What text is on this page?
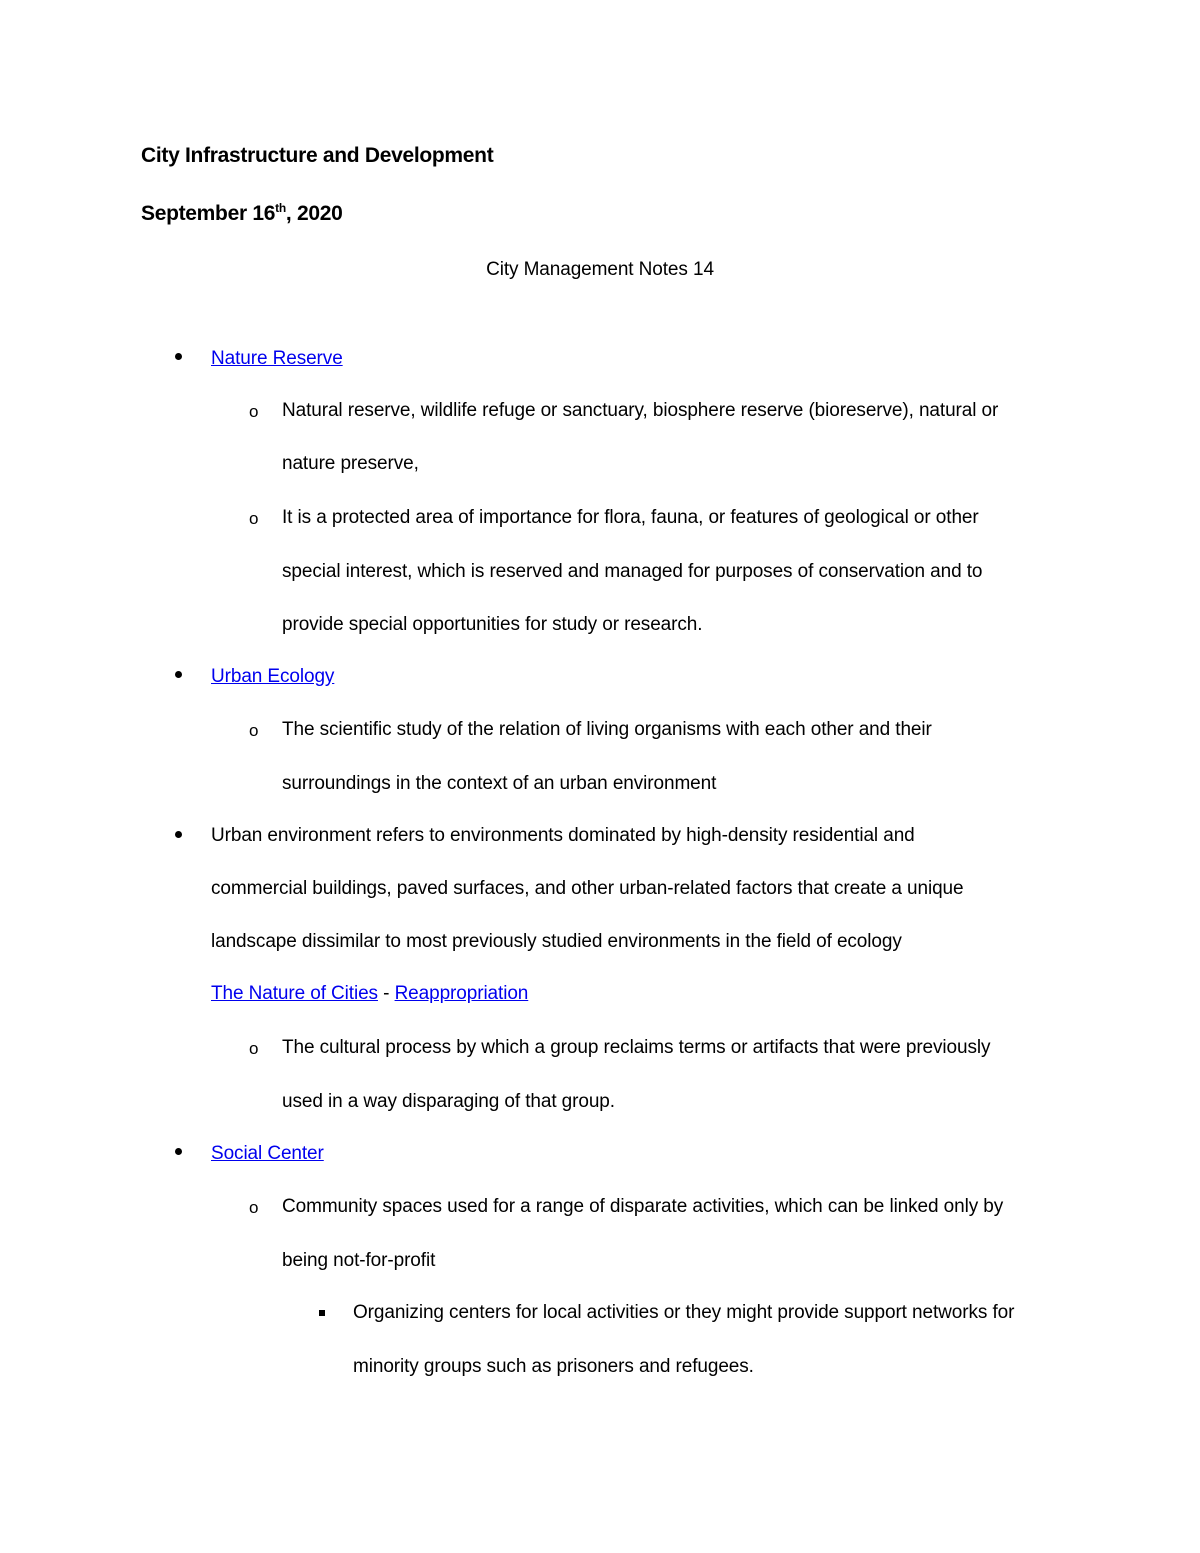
City Infrastructure and Development
September 16th, 2020
City Management Notes 14
Nature Reserve
o Natural reserve, wildlife refuge or sanctuary, biosphere reserve (bioreserve), natural or
nature preserve,
o It is a protected area of importance for flora, fauna, or features of geological or other
special interest, which is reserved and managed for purposes of conservation and to
provide special opportunities for study or research.
Urban Ecology
o The scientific study of the relation of living organisms with each other and their
surroundings in the context of an urban environment
Urban environment refers to environments dominated by high-density residential and
commercial buildings, paved surfaces, and other urban-related factors that create a unique
landscape dissimilar to most previously studied environments in the field of ecology
The Nature of Cities - Reappropriation
o The cultural process by which a group reclaims terms or artifacts that were previously
used in a way disparaging of that group.
Social Center
o Community spaces used for a range of disparate activities, which can be linked only by
being not-for-profit
Organizing centers for local activities or they might provide support networks for
minority groups such as prisoners and refugees.
